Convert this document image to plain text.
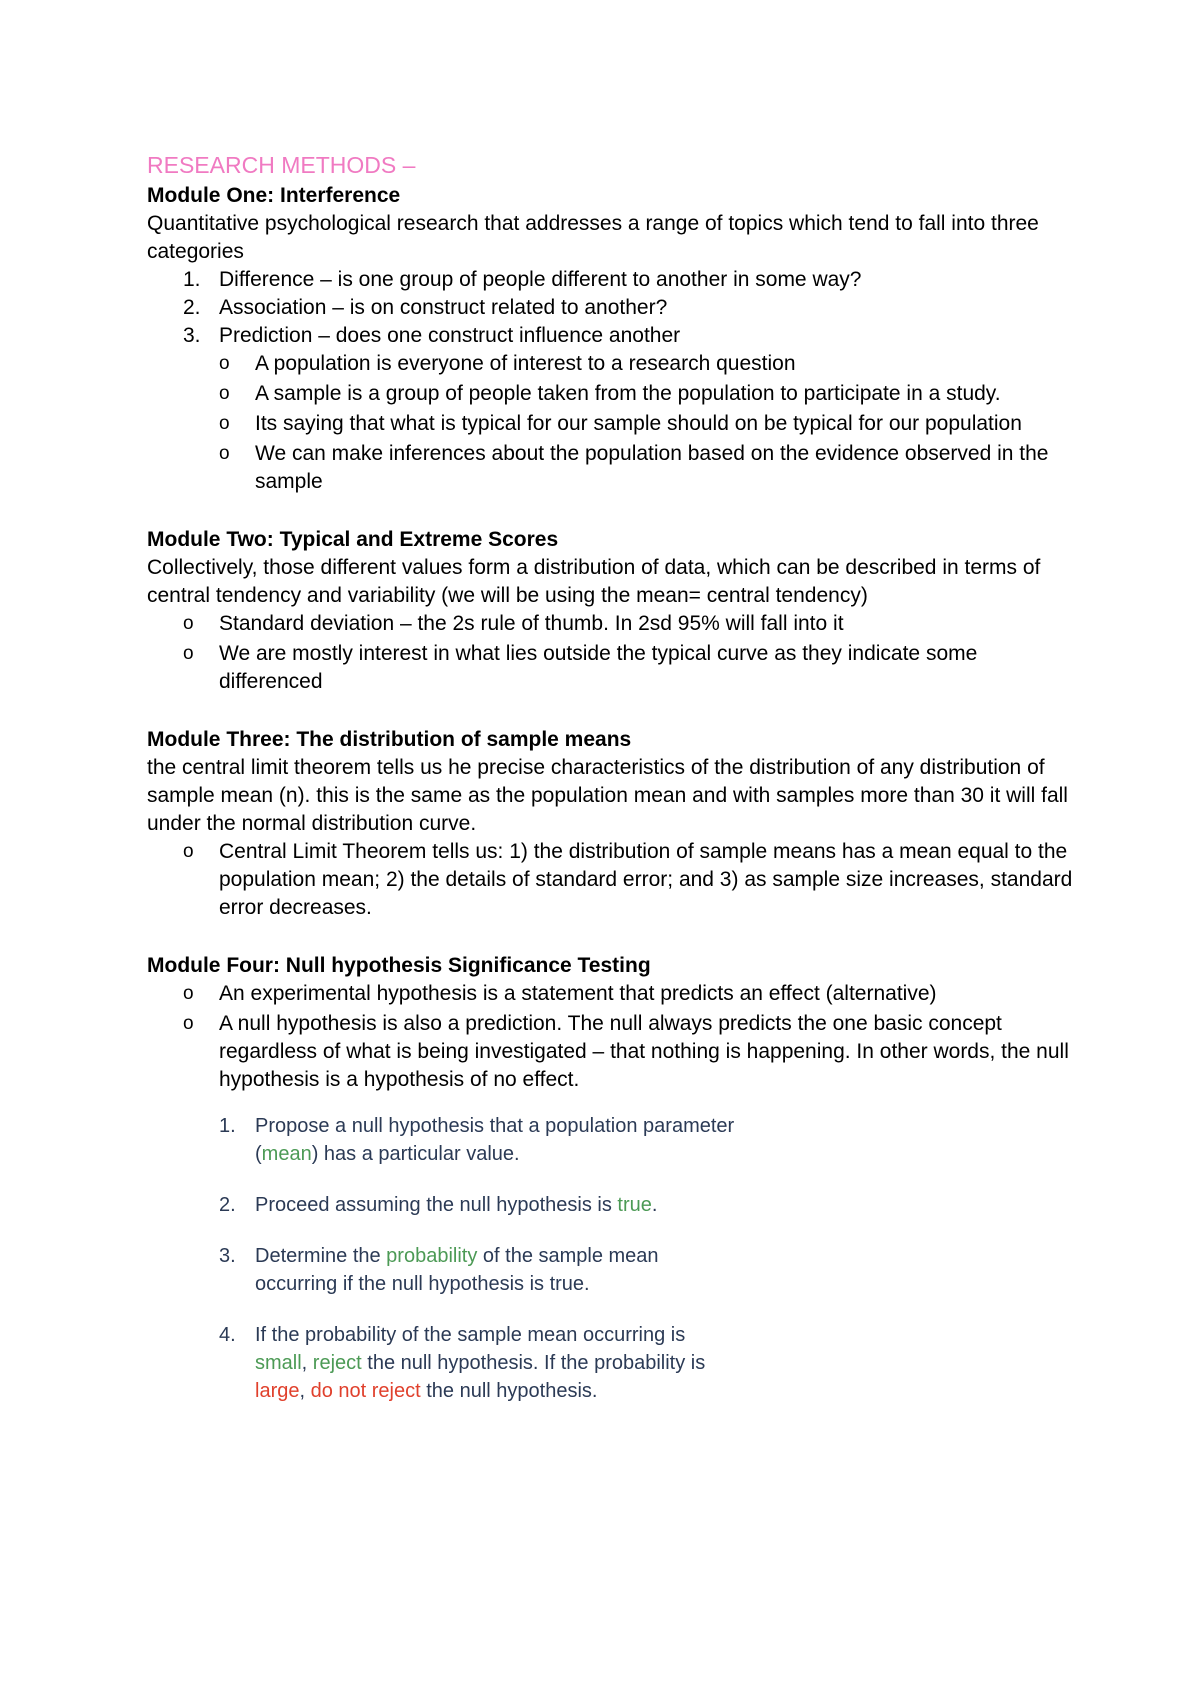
RESEARCH METHODS –

Module One: Interference

Quantitative psychological research that addresses a range of topics which tend to fall into three categories

1. Difference – is one group of people different to another in some way?
2. Association – is on construct related to another?
3. Prediction – does one construct influence another
o A population is everyone of interest to a research question
o A sample is a group of people taken from the population to participate in a study.
o Its saying that what is typical for our sample should on be typical for our population
o We can make inferences about the population based on the evidence observed in the sample

Module Two: Typical and Extreme Scores

Collectively, those different values form a distribution of data, which can be described in terms of central tendency and variability (we will be using the mean= central tendency)

o Standard deviation – the 2s rule of thumb. In 2sd 95% will fall into it
o We are mostly interest in what lies outside the typical curve as they indicate some differenced

Module Three: The distribution of sample means

the central limit theorem tells us he precise characteristics of the distribution of any distribution of sample mean (n). this is the same as the population mean and with samples more than 30 it will fall under the normal distribution curve.

o Central Limit Theorem tells us: 1) the distribution of sample means has a mean equal to the population mean; 2) the details of standard error; and 3) as sample size increases, standard error decreases.

Module Four: Null hypothesis Significance Testing

o An experimental hypothesis is a statement that predicts an effect (alternative)
o A null hypothesis is also a prediction. The null always predicts the one basic concept regardless of what is being investigated – that nothing is happening. In other words, the null hypothesis is a hypothesis of no effect.
1. Propose a null hypothesis that a population parameter (mean) has a particular value.
2. Proceed assuming the null hypothesis is true.
3. Determine the probability of the sample mean occurring if the null hypothesis is true.
4. If the probability of the sample mean occurring is small, reject the null hypothesis. If the probability is large, do not reject the null hypothesis.
